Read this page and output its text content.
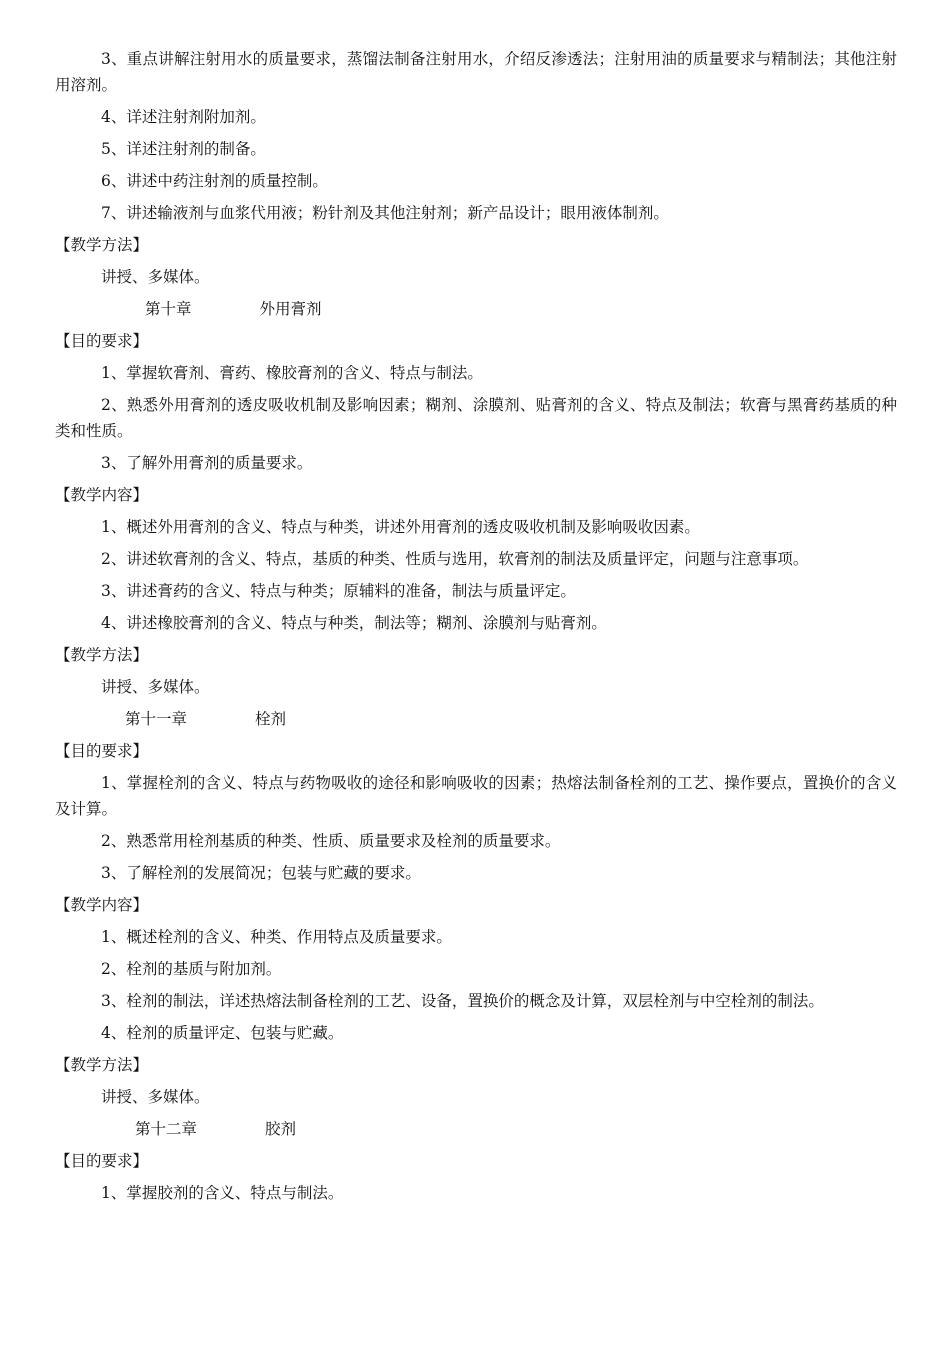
3、重点讲解注射用水的质量要求，蒸馏法制备注射用水，介绍反渗透法；注射用油的质量要求与精制法；其他注射用溶剂。
4、详述注射剂附加剂。
5、详述注射剂的制备。
6、讲述中药注射剂的质量控制。
7、讲述输液剂与血浆代用液；粉针剂及其他注射剂；新产品设计；眼用液体制剂。
【教学方法】
讲授、多媒体。
第十章	外用膏剂
【目的要求】
1、掌握软膏剂、膏药、橡胶膏剂的含义、特点与制法。
2、熟悉外用膏剂的透皮吸收机制及影响因素；糊剂、涂膜剂、贴膏剂的含义、特点及制法；软膏与黑膏药基质的种类和性质。
3、了解外用膏剂的质量要求。
【教学内容】
1、概述外用膏剂的含义、特点与种类，讲述外用膏剂的透皮吸收机制及影响吸收因素。
2、讲述软膏剂的含义、特点，基质的种类、性质与选用，软膏剂的制法及质量评定，问题与注意事项。
3、讲述膏药的含义、特点与种类；原辅料的准备，制法与质量评定。
4、讲述橡胶膏剂的含义、特点与种类，制法等；糊剂、涂膜剂与贴膏剂。
【教学方法】
讲授、多媒体。
第十一章	栓剂
【目的要求】
1、掌握栓剂的含义、特点与药物吸收的途径和影响吸收的因素；热熔法制备栓剂的工艺、操作要点，置换价的含义及计算。
2、熟悉常用栓剂基质的种类、性质、质量要求及栓剂的质量要求。
3、了解栓剂的发展简况；包装与贮藏的要求。
【教学内容】
1、概述栓剂的含义、种类、作用特点及质量要求。
2、栓剂的基质与附加剂。
3、栓剂的制法，详述热熔法制备栓剂的工艺、设备，置换价的概念及计算，双层栓剂与中空栓剂的制法。
4、栓剂的质量评定、包装与贮藏。
【教学方法】
讲授、多媒体。
第十二章	胶剂
【目的要求】
1、掌握胶剂的含义、特点与制法。
